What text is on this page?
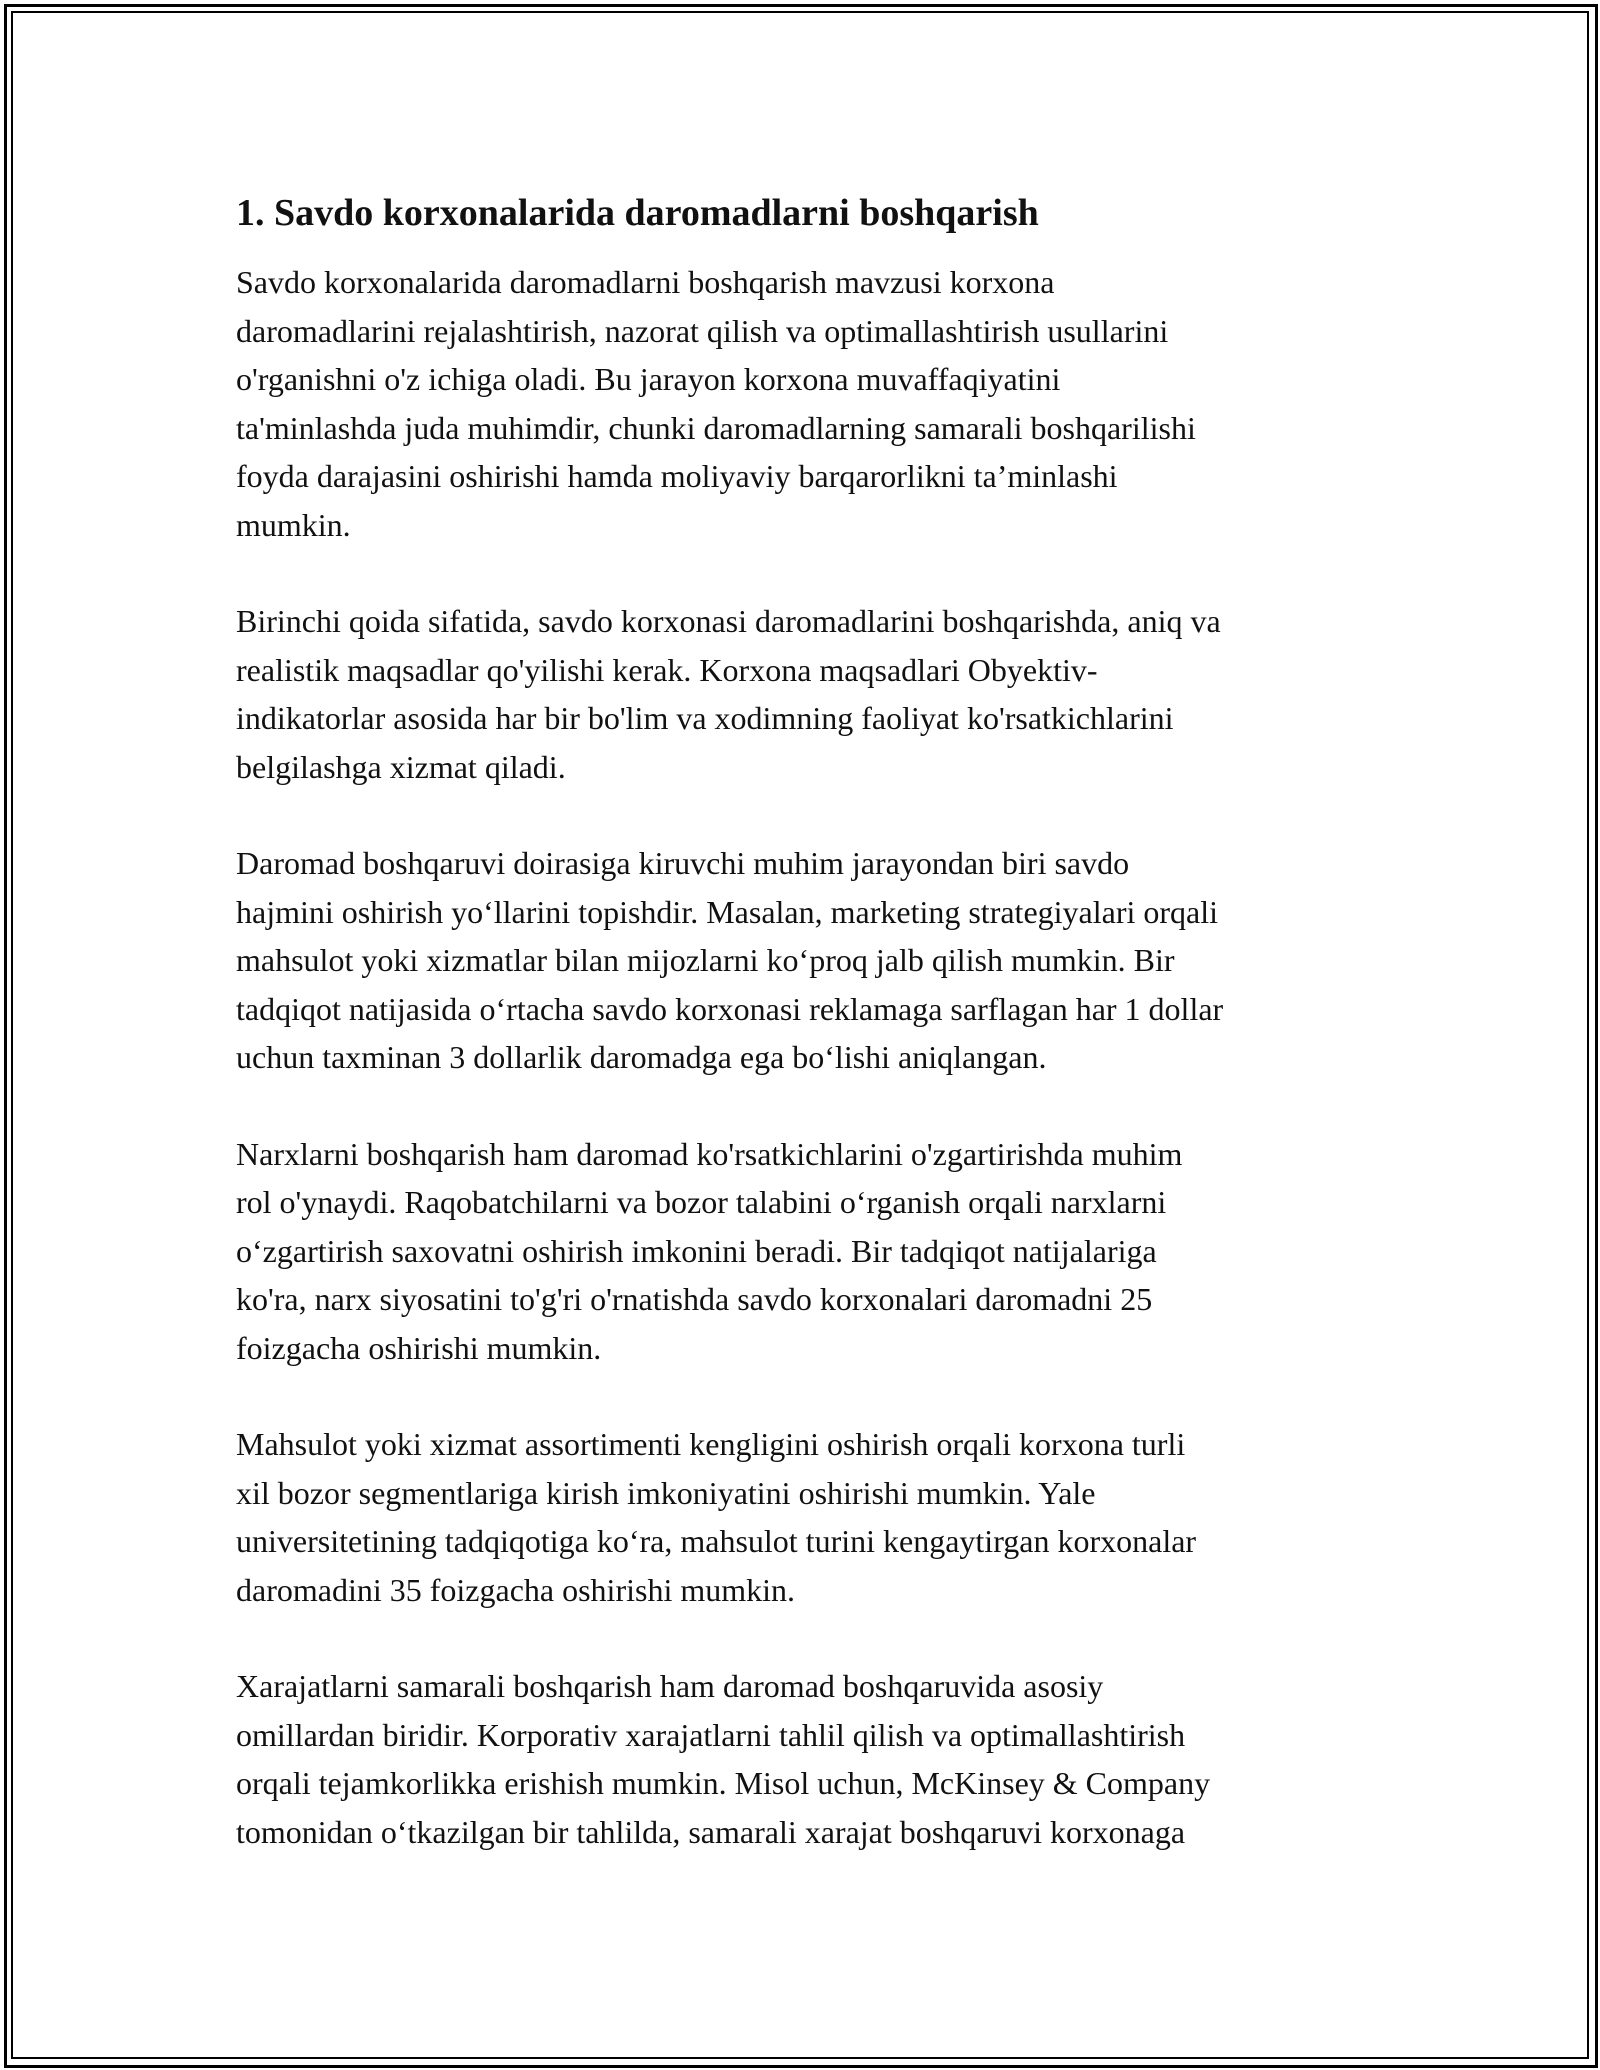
1. Savdo korxonalarida daromadlarni boshqarish

Savdo korxonalarida daromadlarni boshqarish mavzusi korxona
daromadlarini rejalashtirish, nazorat qilish va optimallashtirish usullarini
o'rganishni o'z ichiga oladi. Bu jarayon korxona muvaffaqiyatini
ta'minlashda juda muhimdir, chunki daromadlarning samarali boshqarilishi
foyda darajasini oshirishi hamda moliyaviy barqarorlikni ta’minlashi
mumkin.

Birinchi qoida sifatida, savdo korxonasi daromadlarini boshqarishda, aniq va
realistik maqsadlar qo'yilishi kerak. Korxona maqsadlari Obyektiv-
indikatorlar asosida har bir bo'lim va xodimning faoliyat ko'rsatkichlarini
belgilashga xizmat qiladi.

Daromad boshqaruvi doirasiga kiruvchi muhim jarayondan biri savdo
hajmini oshirish yo‘llarini topishdir. Masalan, marketing strategiyalari orqali
mahsulot yoki xizmatlar bilan mijozlarni ko‘proq jalb qilish mumkin. Bir
tadqiqot natijasida o‘rtacha savdo korxonasi reklamaga sarflagan har 1 dollar
uchun taxminan 3 dollarlik daromadga ega bo‘lishi aniqlangan.

Narxlarni boshqarish ham daromad ko'rsatkichlarini o'zgartirishda muhim
rol o'ynaydi. Raqobatchilarni va bozor talabini o‘rganish orqali narxlarni
o‘zgartirish saxovatni oshirish imkonini beradi. Bir tadqiqot natijalariga
ko'ra, narx siyosatini to'g'ri o'rnatishda savdo korxonalari daromadni 25
foizgacha oshirishi mumkin.

Mahsulot yoki xizmat assortimenti kengligini oshirish orqali korxona turli
xil bozor segmentlariga kirish imkoniyatini oshirishi mumkin. Yale
universitetining tadqiqotiga ko‘ra, mahsulot turini kengaytirgan korxonalar
daromadini 35 foizgacha oshirishi mumkin.

Xarajatlarni samarali boshqarish ham daromad boshqaruvida asosiy
omillardan biridir. Korporativ xarajatlarni tahlil qilish va optimallashtirish
orqali tejamkorlikka erishish mumkin. Misol uchun, McKinsey & Company
tomonidan o‘tkazilgan bir tahlilda, samarali xarajat boshqaruvi korxonaga
